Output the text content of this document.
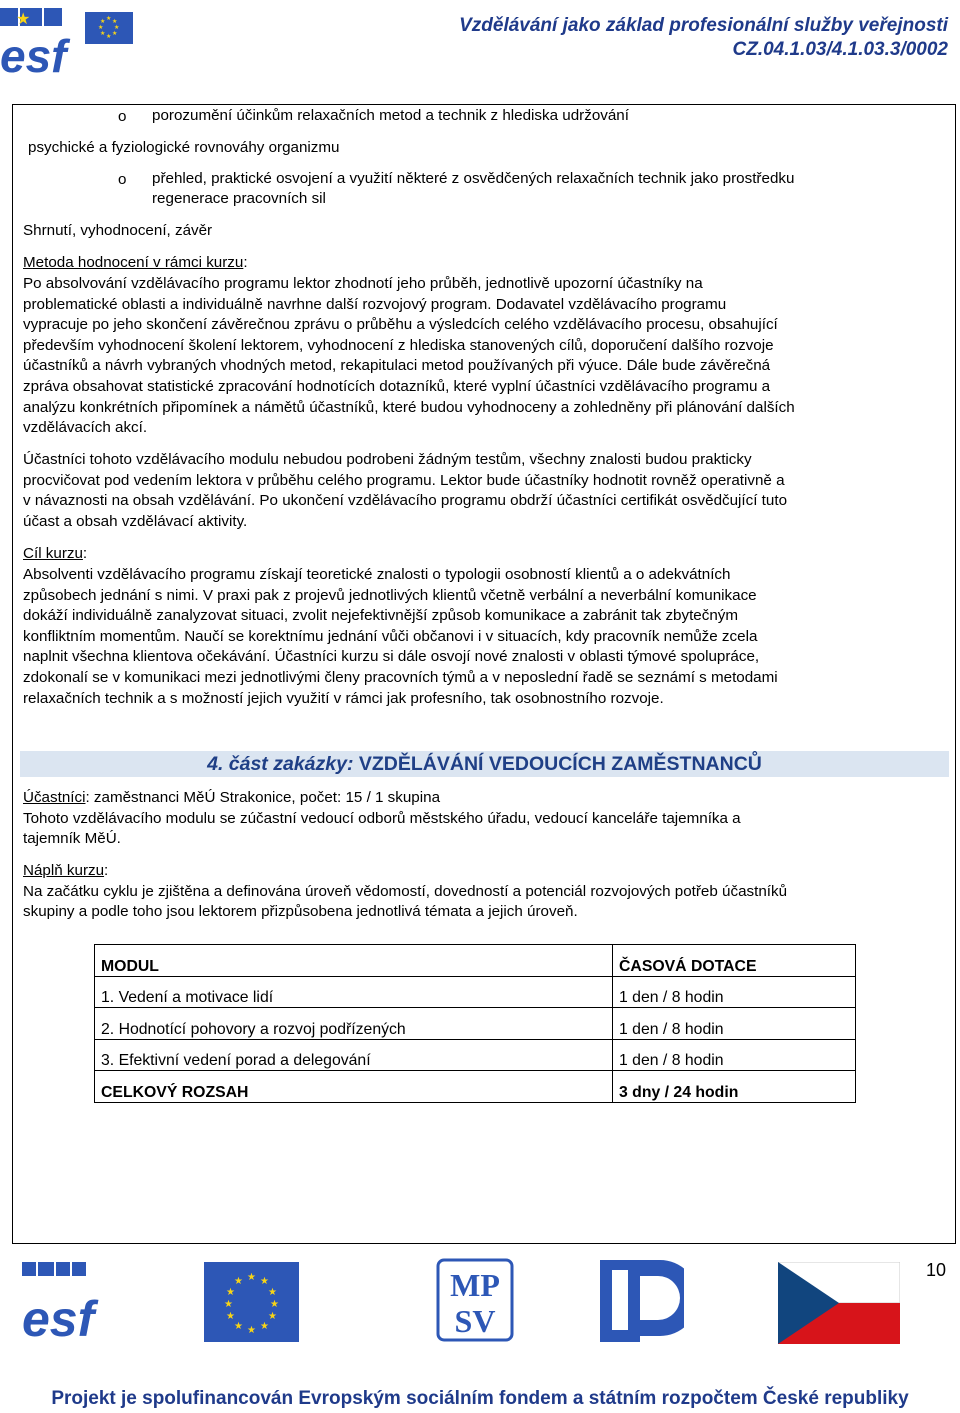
★	★ ★
★
★
★
★
★
★
esf
Vzdělávání jako základ profesionální služby veřejnosti
CZ.04.1.03/4.1.03.3/0002
o porozumění účinkům relaxačních metod a technik z hlediska udržování
psychické a fyziologické rovnováhy organizmu
o přehled, praktické osvojení a využití některé z osvědčených relaxačních technik jako prostředku
regenerace pracovních sil
Shrnutí, vyhodnocení, závěr
Metoda hodnocení v rámci kurzu:
Po absolvování vzdělávacího programu lektor zhodnotí jeho průběh, jednotlivě upozorní účastníky na
problematické oblasti a individuálně navrhne další rozvojový program. Dodavatel vzdělávacího programu
vypracuje po jeho skončení závěrečnou zprávu o průběhu a výsledcích celého vzdělávacího procesu, obsahující
především vyhodnocení školení lektorem, vyhodnocení z hlediska stanovených cílů, doporučení dalšího rozvoje
účastníků a návrh vybraných vhodných metod, rekapitulaci metod používaných při výuce. Dále bude závěrečná
zpráva obsahovat statistické zpracování hodnotících dotazníků, které vyplní účastníci vzdělávacího programu a
analýzu konkrétních připomínek a námětů účastníků, které budou vyhodnoceny a zohledněny při plánování dalších
vzdělávacích akcí.
Účastníci tohoto vzdělávacího modulu nebudou podrobeni žádným testům, všechny znalosti budou prakticky
procvičovat pod vedením lektora v průběhu celého programu. Lektor bude účastníky hodnotit rovněž operativně a
v návaznosti na obsah vzdělávání. Po ukončení vzdělávacího programu obdrží účastníci certifikát osvědčující tuto
účast a obsah vzdělávací aktivity.
Cíl kurzu:
Absolventi vzdělávacího programu získají teoretické znalosti o typologii osobností klientů a o adekvátních
způsobech jednání s nimi. V praxi pak z projevů jednotlivých klientů včetně verbální a neverbální komunikace
dokáží individuálně zanalyzovat situaci, zvolit nejefektivnější způsob komunikace a zabránit tak zbytečným
konfliktním momentům. Naučí se korektnímu jednání vůči občanovi i v situacích, kdy pracovník nemůže zcela
naplnit všechna klientova očekávání. Účastníci kurzu si dále osvojí nové znalosti v oblasti týmové spolupráce,
zdokonalí se v komunikaci mezi jednotlivými členy pracovních týmů a v neposlední řadě se seznámí s metodami
relaxačních technik a s možností jejich využití v rámci jak profesního, tak osobnostního rozvoje.
4. část zakázky: VZDĚLÁVÁNÍ VEDOUCÍCH ZAMĚSTNANCŮ
Účastníci: zaměstnanci MěÚ Strakonice, počet: 15 / 1 skupina
Tohoto vzdělávacího modulu se zúčastní vedoucí odborů městského úřadu, vedoucí kanceláře tajemníka a
tajemník MěÚ.
Náplň kurzu:
Na začátku cyklu je zjištěna a definována úroveň vědomostí, dovedností a potenciál rozvojových potřeb účastníků
skupiny a podle toho jsou lektorem přizpůsobena jednotlivá témata a jejich úroveň.
MODUL	ČASOVÁ DOTACE
1. Vedení a motivace lidí	1 den / 8 hodin
2. Hodnotící pohovory a rozvoj podřízených	1 den / 8 hodin
3. Efektivní vedení porad a delegování	1 den / 8 hodin
CELKOVÝ ROZSAH	3 dny / 24 hodin
10
esf
★ ★
★
★
★
★
★
★
★
★
★
★	MP
SV
Projekt je spolufinancován Evropským sociálním fondem a státním rozpočtem České republiky
